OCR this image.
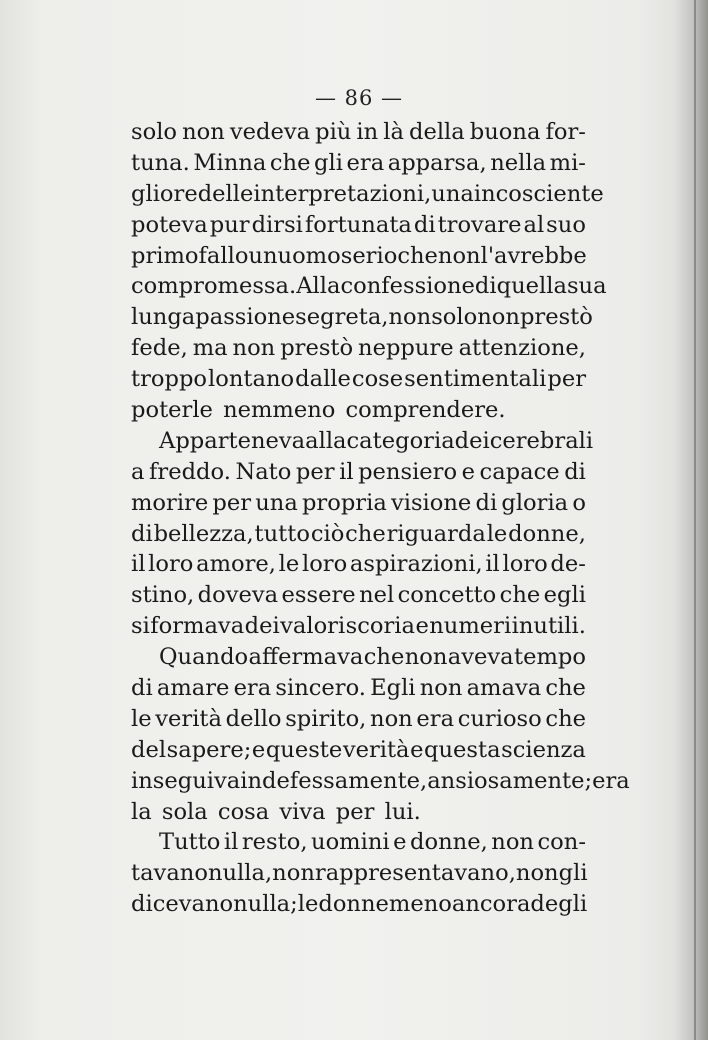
— 86 —
solo non vedeva più in là della buona for-
tuna. Minna che gli era apparsa, nella mi-
gliore delle interpretazioni, una incosciente
poteva pur dirsi fortunata di trovare al suo
primo fallo un uomo serio che non l'avrebbe
compromessa. Alla confessione di quella sua
lunga passione segreta, non solo non prestò
fede, ma non prestò neppure attenzione,
troppo lontano dalle cose sentimentali per
poterle nemmeno comprendere.
Apparteneva alla categoria dei cerebrali
a freddo. Nato per il pensiero e capace di
morire per una propria visione di gloria o
di bellezza, tutto ciò che riguarda le donne,
il loro amore, le loro aspirazioni, il loro de-
stino, doveva essere nel concetto che egli
si formava dei valori scoria e numeri inutili.
Quando affermava che non aveva tempo
di amare era sincero. Egli non amava che
le verità dello spirito, non era curioso che
del sapere; e queste verità e questa scienza
inseguiva indefessamente, ansiosamente; era
la sola cosa viva per lui.
Tutto il resto, uomini e donne, non con-
tavano nulla, non rappresentavano, non gli
dicevano nulla; le donne meno ancora degli
